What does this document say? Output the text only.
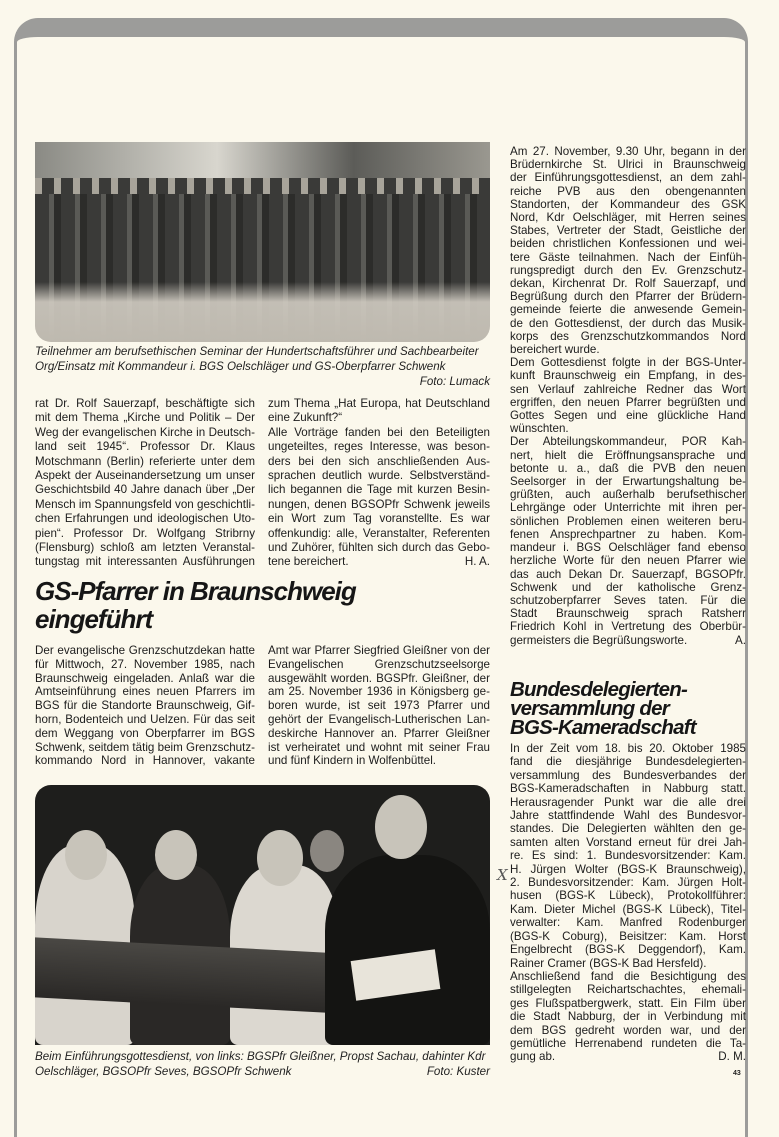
Teilnehmer am berufsethischen Seminar der Hundertschaftsführer und Sachbearbeiter
Org/Einsatz mit Kommandeur i. BGS Oelschläger und GS-Oberpfarrer Schwenk
Foto: Lumack
rat Dr. Rolf Sauerzapf, beschäftigte sich
mit dem Thema „Kirche und Politik – Der
Weg der evangelischen Kirche in Deutsch-
land seit 1945“. Professor Dr. Klaus
Motschmann (Berlin) referierte unter dem
Aspekt der Auseinandersetzung um unser
Geschichtsbild 40 Jahre danach über „Der
Mensch im Spannungsfeld von geschichtli-
chen Erfahrungen und ideologischen Uto-
pien“. Professor Dr. Wolfgang Stribrny
(Flensburg) schloß am letzten Veranstal-
tungstag mit interessanten Ausführungen
zum Thema „Hat Europa, hat Deutschland
eine Zukunft?“
Alle Vorträge fanden bei den Beteiligten
ungeteiltes, reges Interesse, was beson-
ders bei den sich anschließenden Aus-
sprachen deutlich wurde. Selbstverständ-
lich begannen die Tage mit kurzen Besin-
nungen, denen BGSOPfr Schwenk jeweils
ein Wort zum Tag voranstellte. Es war
offenkundig: alle, Veranstalter, Referenten
und Zuhörer, fühlten sich durch das Gebo-
tene bereichert.	H. A.
GS-Pfarrer in Braunschweig
eingeführt
Der evangelische Grenzschutzdekan hatte
für Mittwoch, 27. November 1985, nach
Braunschweig eingeladen. Anlaß war die
Amtseinführung eines neuen Pfarrers im
BGS für die Standorte Braunschweig, Gif-
horn, Bodenteich und Uelzen. Für das seit
dem Weggang von Oberpfarrer im BGS
Schwenk, seitdem tätig beim Grenzschutz-
kommando Nord in Hannover, vakante
Amt war Pfarrer Siegfried Gleißner von der
Evangelischen Grenzschutzseelsorge
ausgewählt worden. BGSPfr. Gleißner, der
am 25. November 1936 in Königsberg ge-
boren wurde, ist seit 1973 Pfarrer und
gehört der Evangelisch-Lutherischen Lan-
deskirche Hannover an. Pfarrer Gleißner
ist verheiratet und wohnt mit seiner Frau
und fünf Kindern in Wolfenbüttel.
Am 27. November, 9.30 Uhr, begann in der
Brüdernkirche St. Ulrici in Braunschweig
der Einführungsgottesdienst, an dem zahl-
reiche PVB aus den obengenannten
Standorten, der Kommandeur des GSK
Nord, Kdr Oelschläger, mit Herren seines
Stabes, Vertreter der Stadt, Geistliche der
beiden christlichen Konfessionen und wei-
tere Gäste teilnahmen. Nach der Einfüh-
rungspredigt durch den Ev. Grenzschutz-
dekan, Kirchenrat Dr. Rolf Sauerzapf, und
Begrüßung durch den Pfarrer der Brüdern-
gemeinde feierte die anwesende Gemein-
de den Gottesdienst, der durch das Musik-
korps des Grenzschutzkommandos Nord
bereichert wurde.
Dem Gottesdienst folgte in der BGS-Unter-
kunft Braunschweig ein Empfang, in des-
sen Verlauf zahlreiche Redner das Wort
ergriffen, den neuen Pfarrer begrüßten und
Gottes Segen und eine glückliche Hand
wünschten.
Der Abteilungskommandeur, POR Kah-
nert, hielt die Eröffnungsansprache und
betonte u. a., daß die PVB den neuen
Seelsorger in der Erwartungshaltung be-
grüßten, auch außerhalb berufsethischer
Lehrgänge oder Unterrichte mit ihren per-
sönlichen Problemen einen weiteren beru-
fenen Ansprechpartner zu haben. Kom-
mandeur i. BGS Oelschläger fand ebenso
herzliche Worte für den neuen Pfarrer wie
das auch Dekan Dr. Sauerzapf, BGSOPfr.
Schwenk und der katholische Grenz-
schutzoberpfarrer Seves taten. Für die
Stadt Braunschweig sprach Ratsherr
Friedrich Kohl in Vertretung des Oberbür-
germeisters die Begrüßungsworte.	A.
Beim Einführungsgottesdienst, von links: BGSPfr Gleißner, Propst Sachau, dahinter Kdr
Oelschläger, BGSOPfr Seves, BGSOPfr Schwenk	Foto: Kuster
Bundesdelegierten-
versammlung der
BGS-Kameradschaft
In der Zeit vom 18. bis 20. Oktober 1985
fand die diesjährige Bundesdelegierten-
versammlung des Bundesverbandes der
BGS-Kameradschaften in Nabburg statt.
Herausragender Punkt war die alle drei
Jahre stattfindende Wahl des Bundesvor-
standes. Die Delegierten wählten den ge-
samten alten Vorstand erneut für drei Jah-
re. Es sind: 1. Bundesvorsitzender: Kam.
H. Jürgen Wolter (BGS-K Braunschweig),
2. Bundesvorsitzender: Kam. Jürgen Holt-
husen (BGS-K Lübeck), Protokollführer:
Kam. Dieter Michel (BGS-K Lübeck), Titel-
verwalter: Kam. Manfred Rodenburger
(BGS-K Coburg), Beisitzer: Kam. Horst
Engelbrecht (BGS-K Deggendorf), Kam.
Rainer Cramer (BGS-K Bad Hersfeld).
Anschließend fand die Besichtigung des
stillgelegten Reichartschachtes, ehemali-
ges Flußspatbergwerk, statt. Ein Film über
die Stadt Nabburg, der in Verbindung mit
dem BGS gedreht worden war, und der
gemütliche Herrenabend rundeten die Ta-
gung ab.	D. M.
X
43
